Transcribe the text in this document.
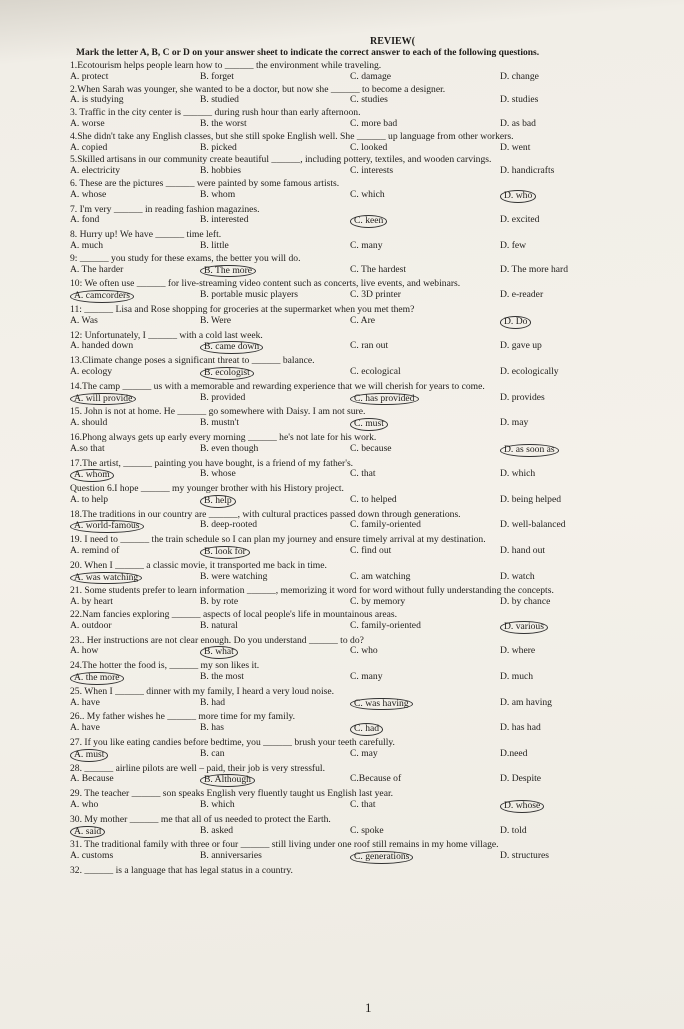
REVIEW(
Mark the letter A, B, C or D on your answer sheet to indicate the correct answer to each of the following questions.
1.Ecotourism helps people learn how to ______ the environment while traveling.
A. protect	B. forget	C. damage	D. change
2.When Sarah was younger, she wanted to be a doctor, but now she ______ to become a designer.
A. is studying	B. studied	C. studies	D. studies
3. Traffic in the city center is ______ during rush hour than early afternoon.
A. worse	B. the worst	C. more bad	D. as bad
4.She didn't take any English classes, but she still spoke English well. She ______ up language from other workers.
A. copied	B. picked	C. looked	D. went
5.Skilled artisans in our community create beautiful ______, including pottery, textiles, and wooden carvings.
A. electricity	B. hobbies	C. interests	D. handicrafts
6. These are the pictures ______ were painted by some famous artists.
A. whose	B. whom	C. which	D. who
7. I'm very ______ in reading fashion magazines.
A. fond	B. interested	C. keen	D. excited
8. Hurry up! We have ______ time left.
A. much	B. little	C. many	D. few
9: ______ you study for these exams, the better you will do.
A. The harder	B. The more	C. The hardest	D. The more hard
10: We often use ______ for live-streaming video content such as concerts, live events, and webinars.
A. camcorders	B. portable music players	C. 3D printer	D. e-reader
11: ______ Lisa and Rose shopping for groceries at the supermarket when you met them?
A. Was	B. Were	C. Are	D. Do
12: Unfortunately, I ______ with a cold last week.
A. handed down	B. came down	C. ran out	D. gave up
13.Climate change poses a significant threat to ______ balance.
A. ecology	B. ecologist	C. ecological	D. ecologically
14.The camp ______ us with a memorable and rewarding experience that we will cherish for years to come.
A. will provide	B. provided	C. has provided	D. provides
15. John is not at home. He ______ go somewhere with Daisy. I am not sure.
A. should	B. mustn't	C. must	D. may
16.Phong always gets up early every morning ______ he's not late for his work.
A.so that	B. even though	C. because	D. as soon as
17.The artist, ______ painting you have bought, is a friend of my father's.
A. whom	B. whose	C. that	D. which
Question 6.I hope ______ my younger brother with his History project.
A. to help	B. help	C. to helped	D. being helped
18.The traditions in our country are ______, with cultural practices passed down through generations.
A. world-famous	B. deep-rooted	C. family-oriented	D. well-balanced
19. I need to ______ the train schedule so I can plan my journey and ensure timely arrival at my destination.
A. remind of	B. look for	C. find out	D. hand out
20. When I ______ a classic movie, it transported me back in time.
A. was watching	B. were watching	C. am watching	D. watch
21. Some students prefer to learn information ______, memorizing it word for word without fully understanding the concepts.
A. by heart	B. by rote	C. by memory	D. by chance
22.Nam fancies exploring ______ aspects of local people's life in mountainous areas.
A. outdoor	B. natural	C. family-oriented	D. various
23.. Her instructions are not clear enough. Do you understand ______ to do?
A. how	B. what	C. who	D. where
24.The hotter the food is, ______ my son likes it.
A. the more	B. the most	C. many	D. much
25. When I ______ dinner with my family, I heard a very loud noise.
A. have	B. had	C. was having	D. am having
26.. My father wishes he ______ more time for my family.
A. have	B. has	C. had	D. has had
27. If you like eating candies before bedtime, you ______ brush your teeth carefully.
A. must	B. can	C. may	D.need
28. ______ airline pilots are well – paid, their job is very stressful.
A. Because	B. Although	C.Because of	D. Despite
29. The teacher ______ son speaks English very fluently taught us English last year.
A. who	B. which	C. that	D. whose
30. My mother ______ me that all of us needed to protect the Earth.
A. said	B. asked	C. spoke	D. told
31. The traditional family with three or four ______ still living under one roof still remains in my home village.
A. customs	B. anniversaries	C. generations	D. structures
32. ______ is a language that has legal status in a country.
1
